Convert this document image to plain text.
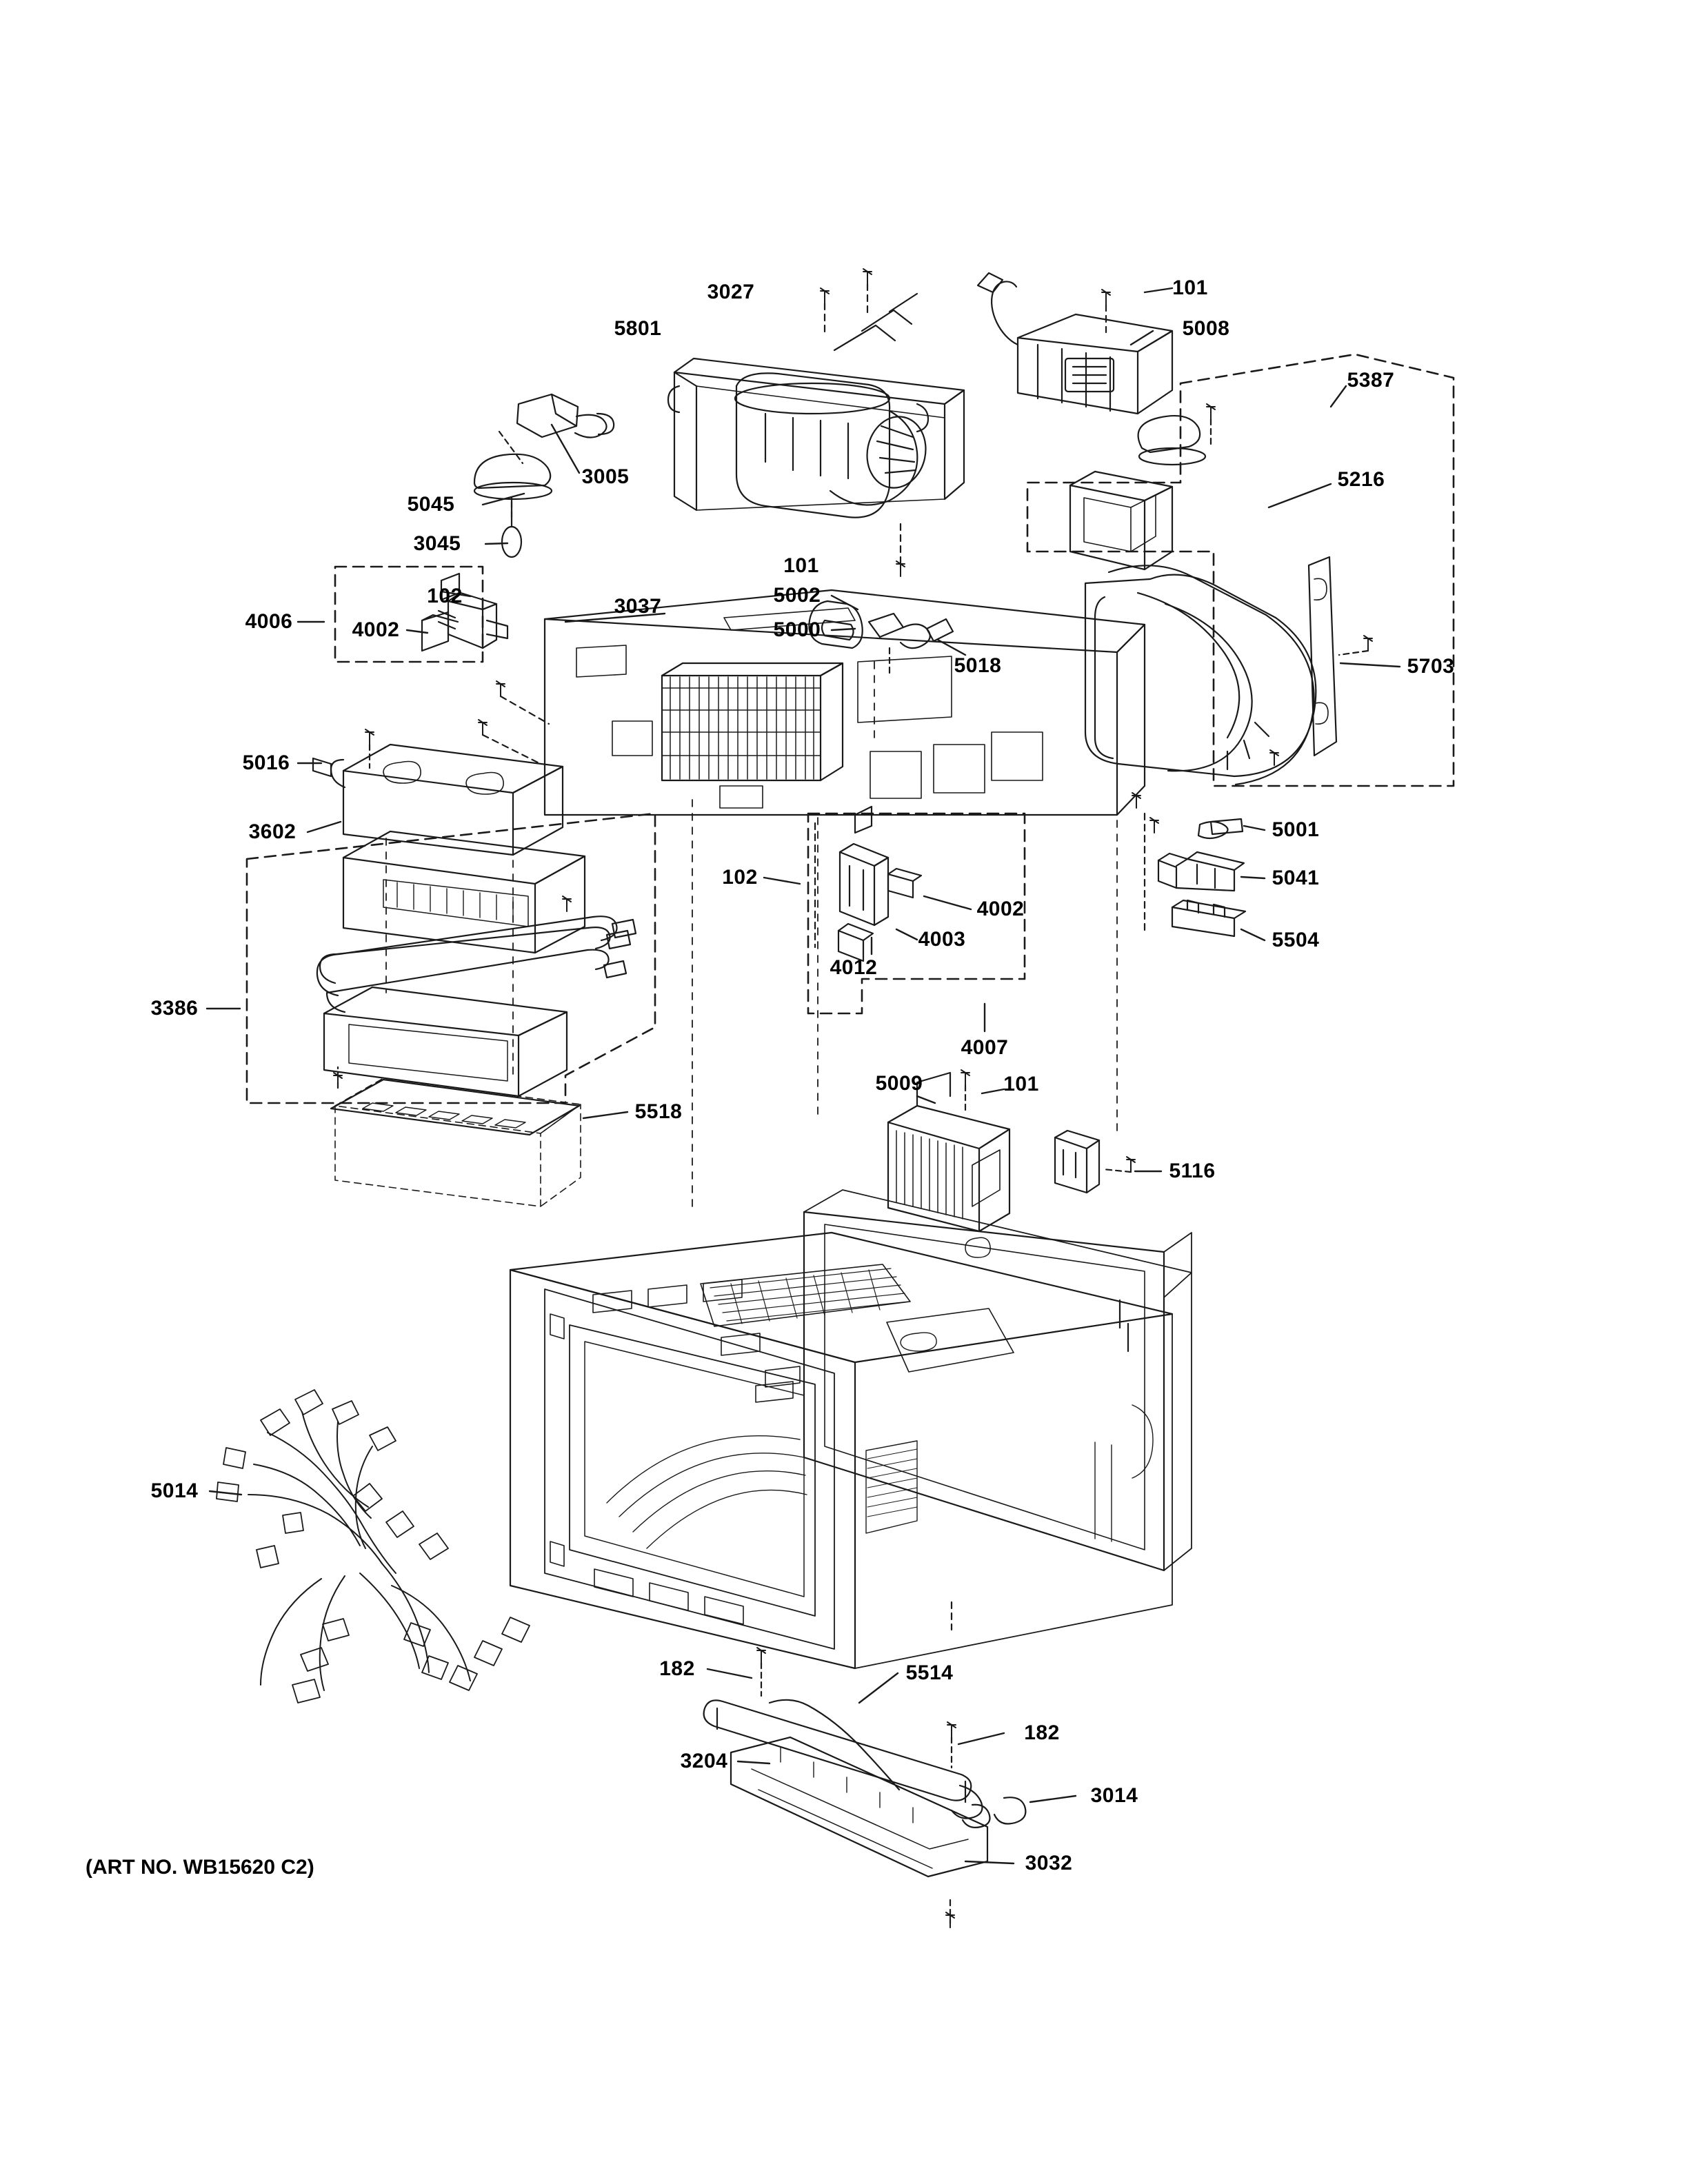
3027
5801
101
5008
5387
3005	5216
5045
3045
101
102	5002
3037
4006	5000
4002
5018	5703
5016
3602	5001
102	5041
4002
5504
4003
4012
3386
4007
5009	101
5518
5116
5014
182	5514
182
3204
3014
3032
(ART NO. WB15620 C2)
